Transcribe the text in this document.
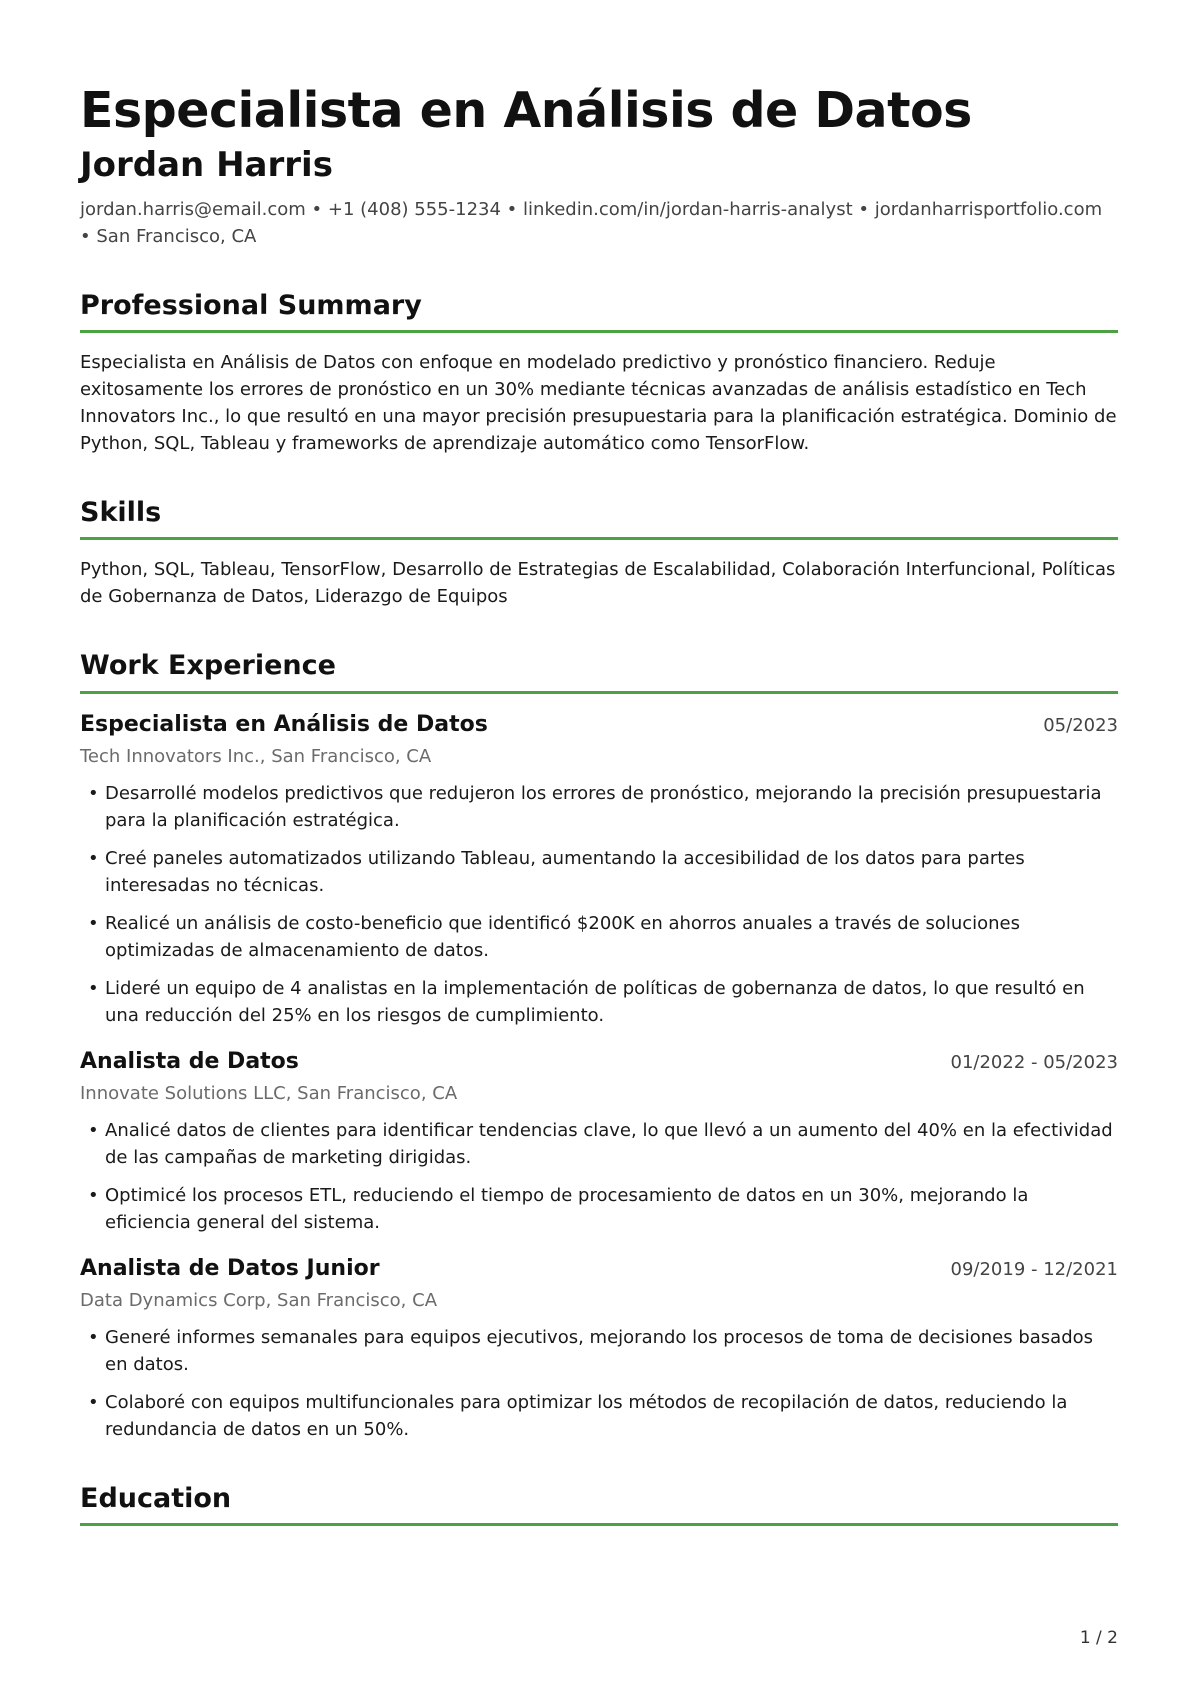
Especialista en Análisis de Datos
Jordan Harris
jordan.harris@email.com • +1 (408) 555-1234 • linkedin.com/in/jordan-harris-analyst • jordanharrisportfolio.com
• San Francisco, CA
Professional Summary
Especialista en Análisis de Datos con enfoque en modelado predictivo y pronóstico financiero. Reduje exitosamente los errores de pronóstico en un 30% mediante técnicas avanzadas de análisis estadístico en Tech Innovators Inc., lo que resultó en una mayor precisión presupuestaria para la planificación estratégica. Dominio de Python, SQL, Tableau y frameworks de aprendizaje automático como TensorFlow.
Skills
Python, SQL, Tableau, TensorFlow, Desarrollo de Estrategias de Escalabilidad, Colaboración Interfuncional, Políticas de Gobernanza de Datos, Liderazgo de Equipos
Work Experience
Especialista en Análisis de Datos	05/2023
Tech Innovators Inc., San Francisco, CA
• Desarrollé modelos predictivos que redujeron los errores de pronóstico, mejorando la precisión presupuestaria para la planificación estratégica.
• Creé paneles automatizados utilizando Tableau, aumentando la accesibilidad de los datos para partes interesadas no técnicas.
• Realicé un análisis de costo-beneficio que identificó $200K en ahorros anuales a través de soluciones optimizadas de almacenamiento de datos.
• Lideré un equipo de 4 analistas en la implementación de políticas de gobernanza de datos, lo que resultó en una reducción del 25% en los riesgos de cumplimiento.
Analista de Datos	01/2022 - 05/2023
Innovate Solutions LLC, San Francisco, CA
• Analicé datos de clientes para identificar tendencias clave, lo que llevó a un aumento del 40% en la efectividad de las campañas de marketing dirigidas.
• Optimicé los procesos ETL, reduciendo el tiempo de procesamiento de datos en un 30%, mejorando la eficiencia general del sistema.
Analista de Datos Junior	09/2019 - 12/2021
Data Dynamics Corp, San Francisco, CA
• Generé informes semanales para equipos ejecutivos, mejorando los procesos de toma de decisiones basados en datos.
• Colaboré con equipos multifuncionales para optimizar los métodos de recopilación de datos, reduciendo la redundancia de datos en un 50%.
Education
1 / 2
